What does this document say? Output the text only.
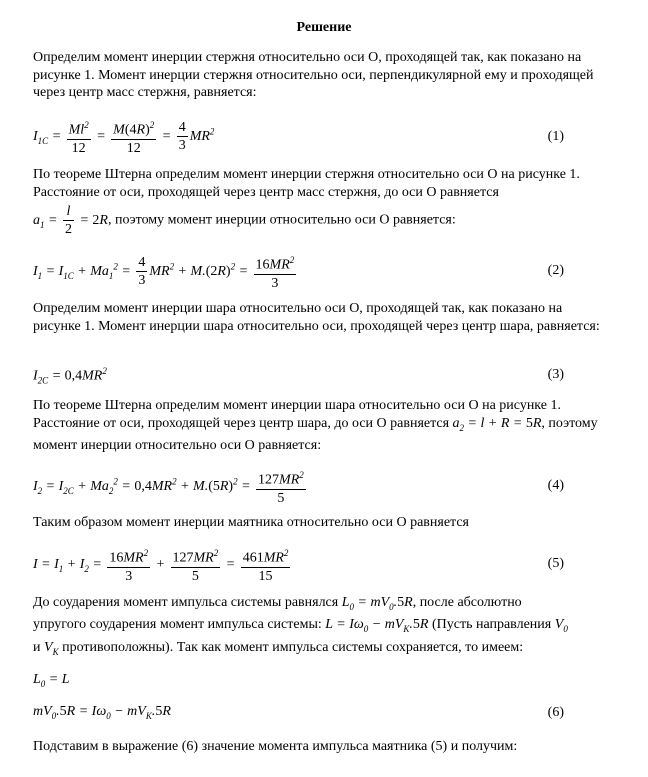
Решение
Определим момент инерции стержня относительно оси О, проходящей так, как показано на рисунке 1. Момент инерции стержня относительно оси, перпендикулярной ему и проходящей через центр масс стержня, равняется:
$I_{1C} = \frac{Ml^2}{12} = \frac{M(4R)^2}{12} = \frac{4}{3} MR^2$	(1)
По теореме Штерна определим момент инерции стержня относительно оси О на рисунке 1. Расстояние от оси, проходящей через центр масс стержня, до оси О равняется
$a_1 = \frac{l}{2} = 2R$, поэтому момент инерции относительно оси О равняется:
$I_1 = I_{1C} + Ma_1^2 = \frac{4}{3} MR^2 + M.(2R)^2 = \frac{16MR^2}{3}$	(2)
Определим момент инерции шара относительно оси О, проходящей так, как показано на рисунке 1. Момент инерции шара относительно оси, проходящей через центр шара, равняется:
$I_{2C} = 0,4MR^2$	(3)
По теореме Штерна определим момент инерции шара относительно оси О на рисунке 1. Расстояние от оси, проходящей через центр шара, до оси О равняется $a_2 = l + R = 5R$, поэтому момент инерции относительно оси О равняется:
$I_2 = I_{2C} + Ma_2^2 = 0,4MR^2 + M.(5R)^2 = \frac{127MR^2}{5}$	(4)
Таким образом момент инерции маятника относительно оси О равняется
$I = I_1 + I_2 = \frac{16MR^2}{3} + \frac{127MR^2}{5} = \frac{461MR^2}{15}$	(5)
До соударения момент импульса системы равнялся $L_0 = mV_0.5R$, после абсолютно
упругого соударения момент импульса системы: $L = I\omega_0 - mV_K.5R$ (Пусть направления $V_0$
и $V_K$ противоположны). Так как момент импульса системы сохраняется, то имеем:
$L_0 = L$
$mV_0.5R = I\omega_0 - mV_K.5R$	(6)
Подставим в выражение (6) значение момента импульса маятника (5) и получим:
